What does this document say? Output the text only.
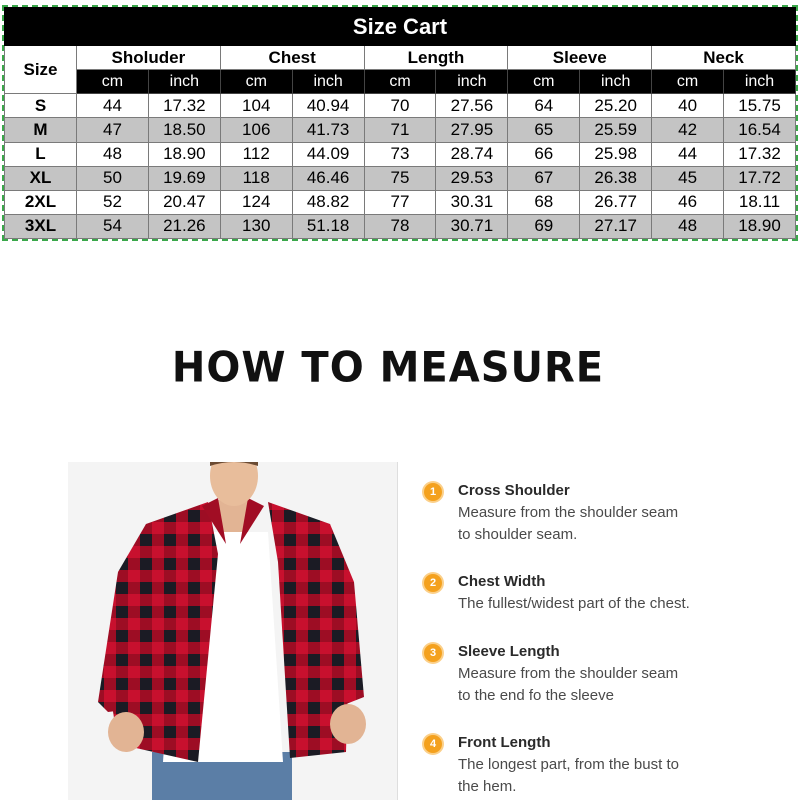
Size Cart										
Size	Sholuder		Chest		Length		Sleeve		Neck	
	cm	inch	cm	inch	cm	inch	cm	inch	cm	inch
S	44	17.32	104	40.94	70	27.56	64	25.20	40	15.75
M	47	18.50	106	41.73	71	27.95	65	25.59	42	16.54
L	48	18.90	112	44.09	73	28.74	66	25.98	44	17.32
XL	50	19.69	118	46.46	75	29.53	67	26.38	45	17.72
2XL	52	20.47	124	48.82	77	30.31	68	26.77	46	18.11
3XL	54	21.26	130	51.18	78	30.71	69	27.17	48	18.90
HOW TO MEASURE
1	Cross Shoulder
Measure from the shoulder seam
to shoulder seam.
2	Chest Width
The fullest/widest part of the chest.
3	Sleeve Length
Measure from the shoulder seam
to the end fo the sleeve
4	Front Length
The longest part, from the bust to
the hem.
